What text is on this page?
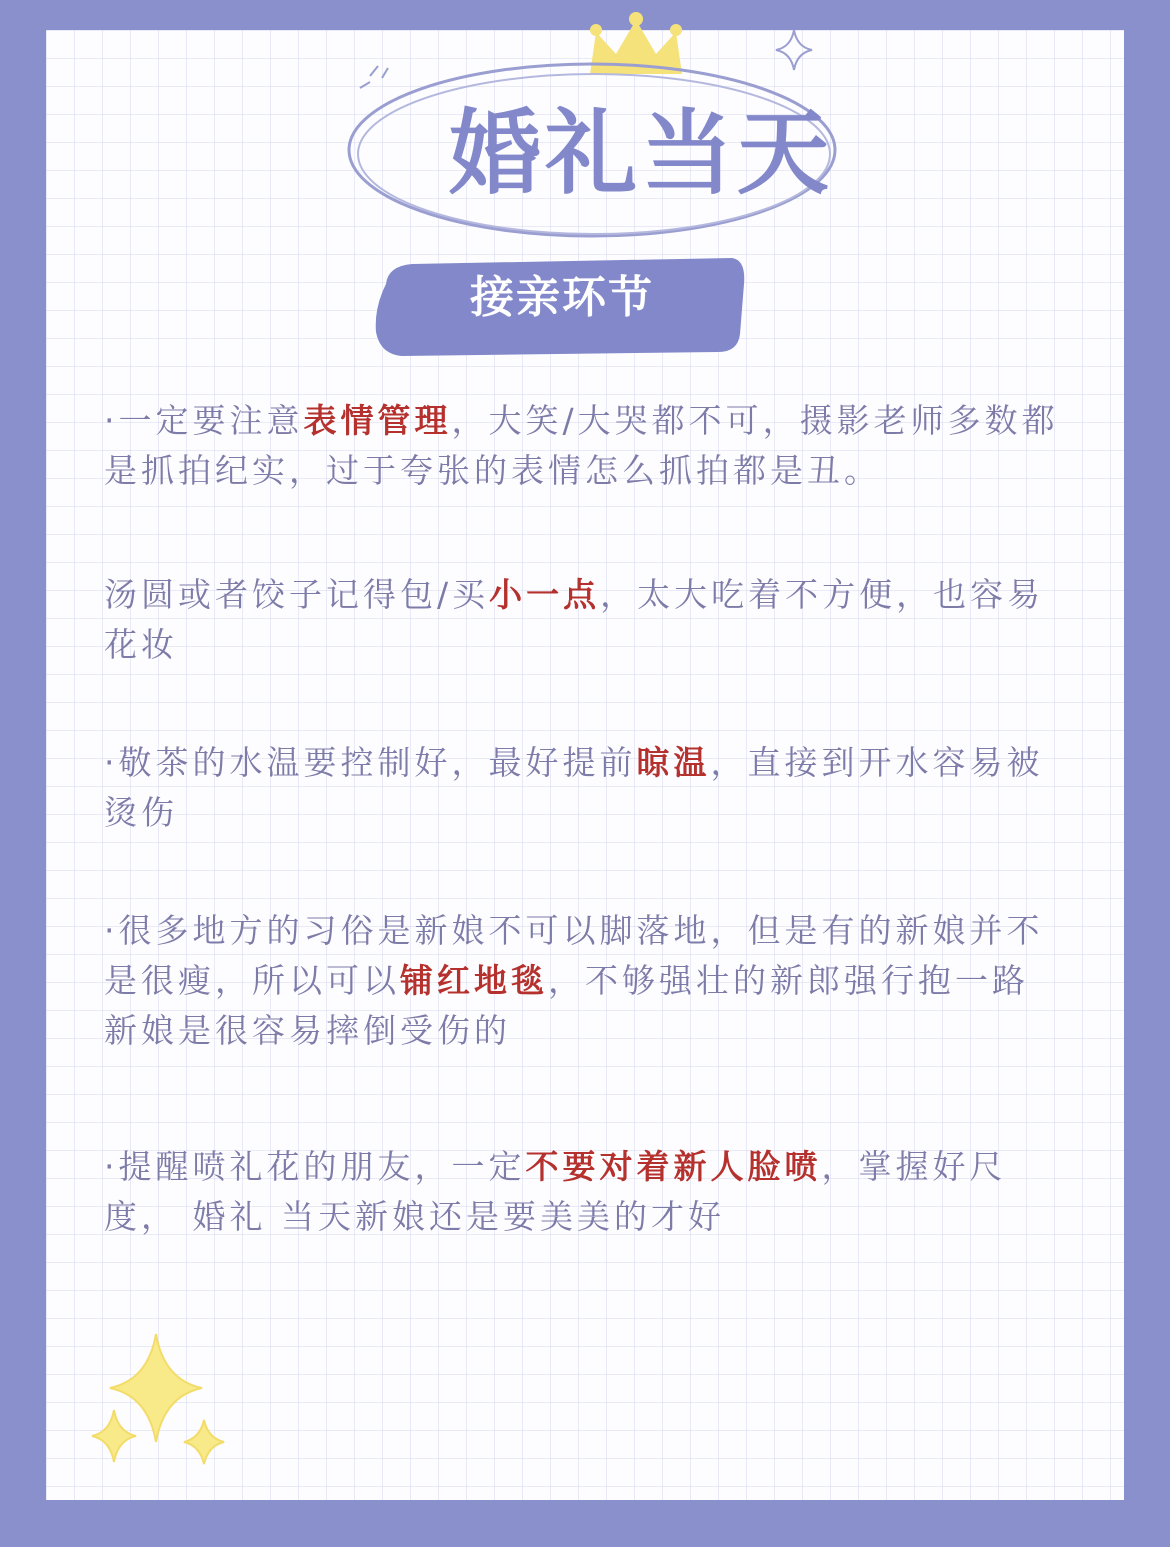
婚礼当天
接亲环节
·一定要注意表情管理，大笑/大哭都不可，摄影老师多数都是抓拍纪实，过于夸张的表情怎么抓拍都是丑。
汤圆或者饺子记得包/买小一点，太大吃着不方便，也容易花妆
·敬茶的水温要控制好，最好提前晾温，直接到开水容易被烫伤
·很多地方的习俗是新娘不可以脚落地，但是有的新娘并不是很瘦，所以可以铺红地毯，不够强壮的新郎强行抱一路新娘是很容易摔倒受伤的
·提醒喷礼花的朋友，一定不要对着新人脸喷，掌握好尺度， 婚礼 当天新娘还是要美美的才好
